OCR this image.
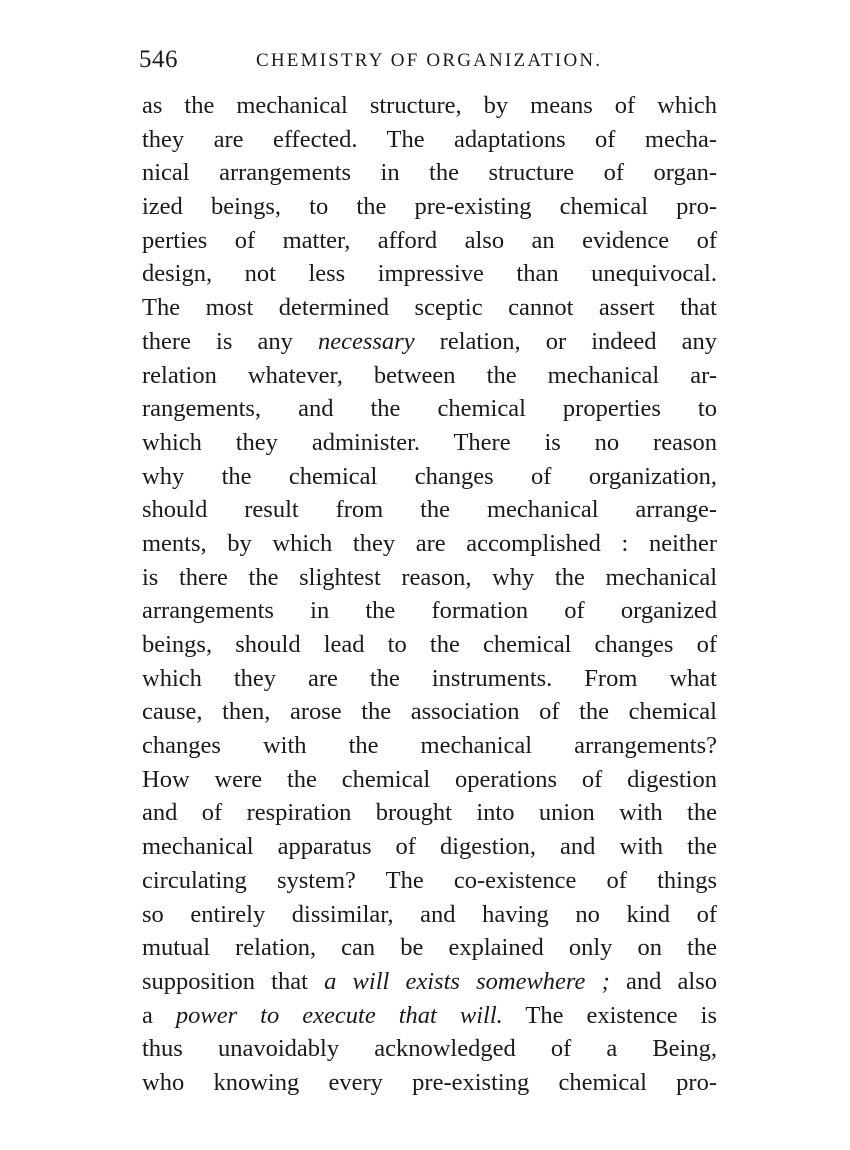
546	CHEMISTRY OF ORGANIZATION.
as the mechanical structure, by means of which
they are effected. The adaptations of mecha-
nical arrangements in the structure of organ-
ized beings, to the pre-existing chemical pro-
perties of matter, afford also an evidence of
design, not less impressive than unequivocal.
The most determined sceptic cannot assert that
there is any necessary relation, or indeed any
relation whatever, between the mechanical ar-
rangements, and the chemical properties to
which they administer. There is no reason
why the chemical changes of organization,
should result from the mechanical arrange-
ments, by which they are accomplished : neither
is there the slightest reason, why the mechanical
arrangements in the formation of organized
beings, should lead to the chemical changes of
which they are the instruments. From what
cause, then, arose the association of the chemical
changes with the mechanical arrangements?
How were the chemical operations of digestion
and of respiration brought into union with the
mechanical apparatus of digestion, and with the
circulating system? The co-existence of things
so entirely dissimilar, and having no kind of
mutual relation, can be explained only on the
supposition that a will exists somewhere ; and also
a power to execute that will. The existence is
thus unavoidably acknowledged of a Being,
who knowing every pre-existing chemical pro-
